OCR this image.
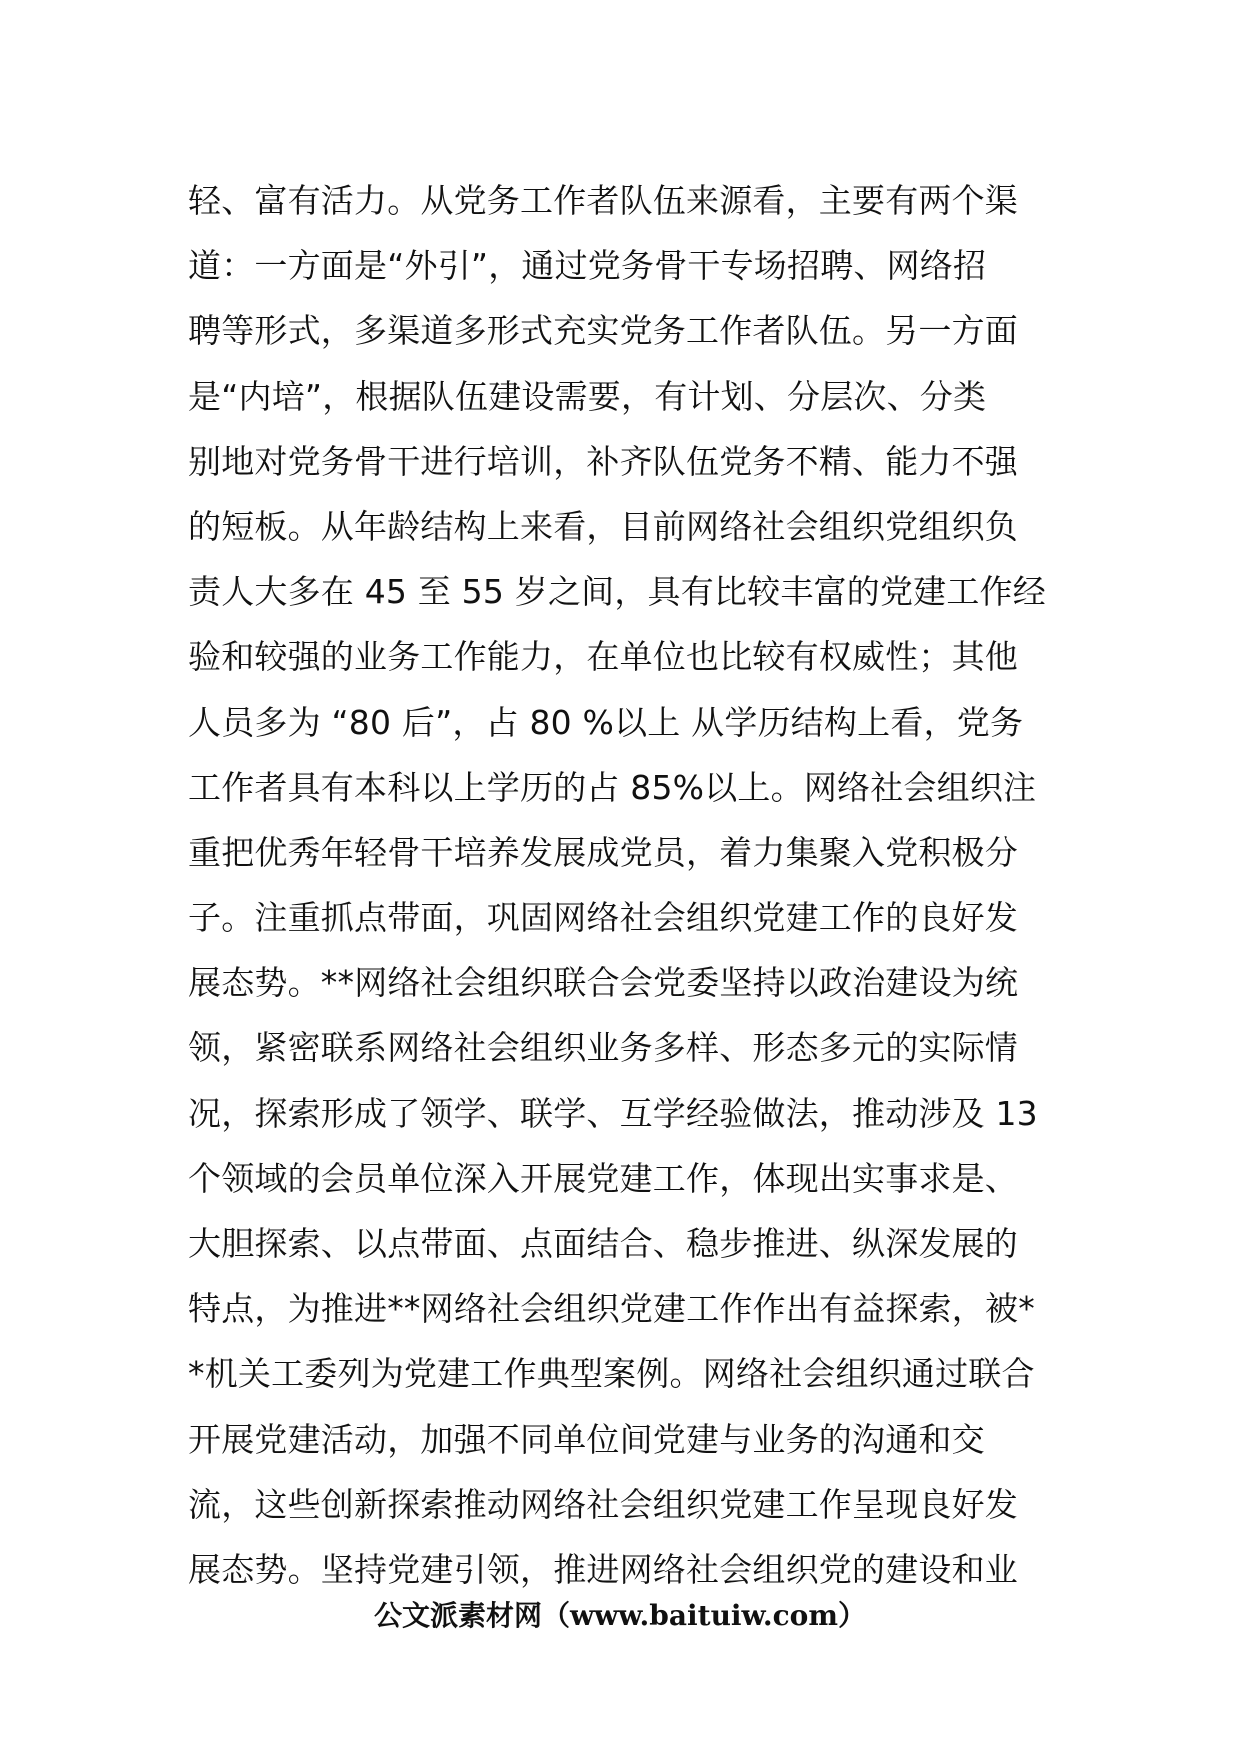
轻、富有活力。从党务工作者队伍来源看，主要有两个渠
道：一方面是“外引”，通过党务骨干专场招聘、网络招
聘等形式，多渠道多形式充实党务工作者队伍。另一方面
是“内培”，根据队伍建设需要，有计划、分层次、分类
别地对党务骨干进行培训，补齐队伍党务不精、能力不强
的短板。从年龄结构上来看，目前网络社会组织党组织负
责人大多在 45 至 55 岁之间，具有比较丰富的党建工作经
验和较强的业务工作能力，在单位也比较有权威性；其他
人员多为 “80 后”，占 80 %以上 从学历结构上看，党务
工作者具有本科以上学历的占 85%以上。网络社会组织注
重把优秀年轻骨干培养发展成党员，着力集聚入党积极分
子。注重抓点带面，巩固网络社会组织党建工作的良好发
展态势。**网络社会组织联合会党委坚持以政治建设为统
领，紧密联系网络社会组织业务多样、形态多元的实际情
况，探索形成了领学、联学、互学经验做法，推动涉及 13
个领域的会员单位深入开展党建工作，体现出实事求是、
大胆探索、以点带面、点面结合、稳步推进、纵深发展的
特点，为推进**网络社会组织党建工作作出有益探索，被*
*机关工委列为党建工作典型案例。网络社会组织通过联合
开展党建活动，加强不同单位间党建与业务的沟通和交
流，这些创新探索推动网络社会组织党建工作呈现良好发
展态势。坚持党建引领，推进网络社会组织党的建设和业
公文派素材网（www.baituiw.com）
